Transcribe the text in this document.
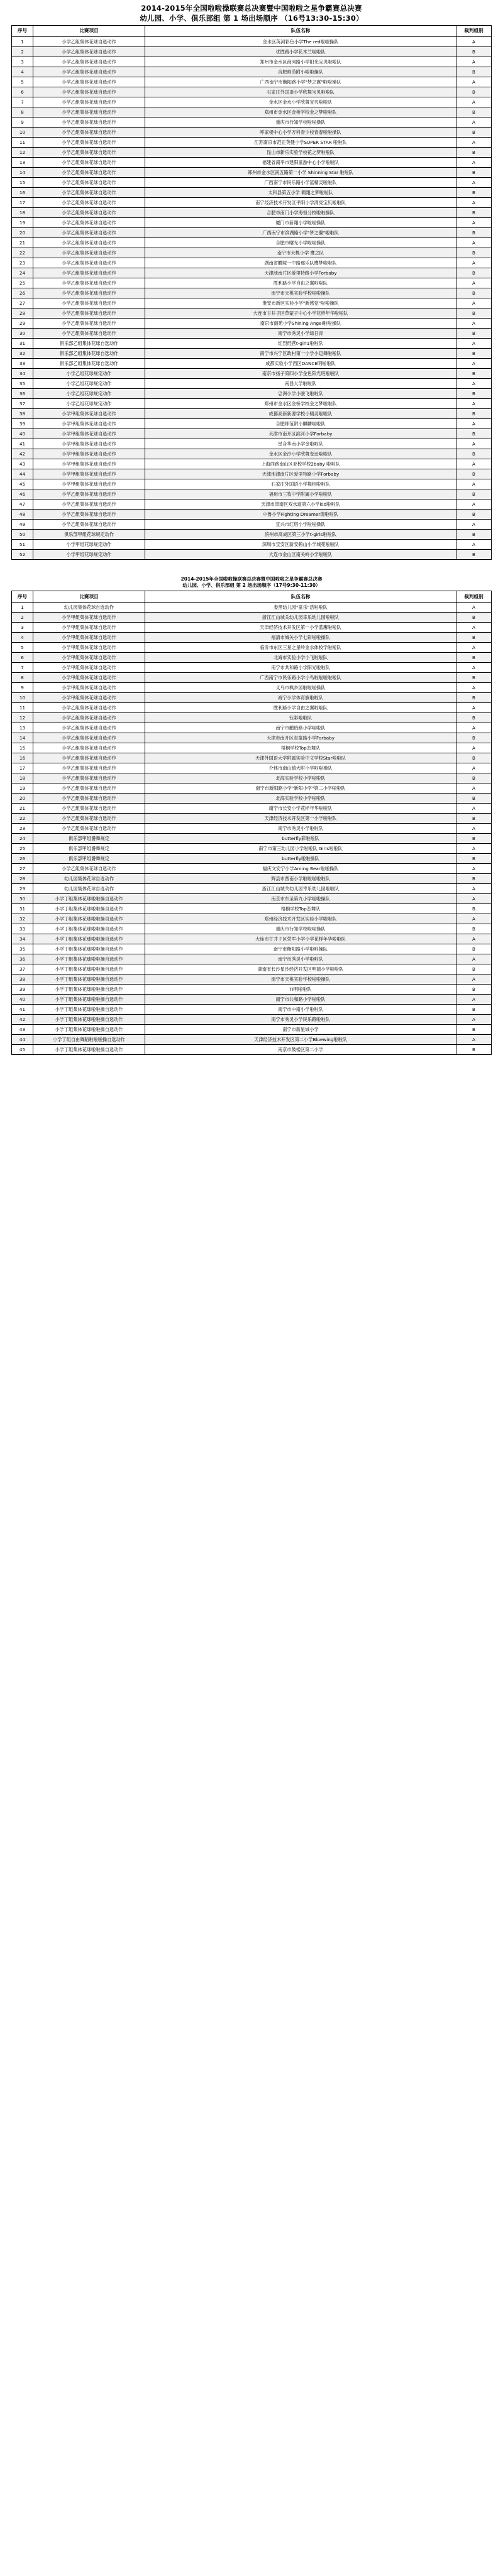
2014-2015年全国啦啦操联赛总决赛暨中国啦啦之星争霸赛总决赛
幼儿园、小学、俱乐部组 第 1 场出场顺序 （16号13:30-15:30）
序号	比赛项目	队伍名称	裁判组别
1	小学乙组集体花球自选动作	金水区英河彩色小学The red啦啦操队	A
2	小学乙组集体花球自选动作	优胜路小学花木兰啦啦队	B
3	小学乙组集体花球自选动作	郑州市金水区商河路小学阳光宝贝啦啦队	A
4	小学乙组集体花球自选动作	合肥师范附小啦啦操队	B
5	小学乙组集体花球自选动作	广西南宁市衡阳路小学"梦之翼"啦啦操队	A
6	小学乙组集体花球自选动作	石家庄外国语小学欣舞宝贝啦啦队	B
7	小学乙组集体花球自选动作	金水区金水小学欣舞宝贝啦啦队	A
8	小学乙组集体花球自选动作	郑州市金水区金桥学校金之梦啦啦队	B
9	小学乙组集体花球自选动作	重庆市行知学校啦啦操队	A
10	小学乙组集体花球自选动作	呼家楼中心小学万科青少校青春啦啦操队	B
11	小学乙组集体花球自选动作	江苏南京市范正英健小学SUPER STAR 啦啦队	A
12	小学乙组集体花球自选动作	昆山市新乐实验学校花之梦啦啦队	B
13	小学乙组集体花球自选动作	福建省南平市建阳童游中心小学啦啦队	A
14	小学乙组集体花球自选动作	郑州市金水区南五路第一小学 Shinning Star 啦啦队	B
15	小学乙组集体花球自选动作	广西南宁市民乐路小学蓝精灵啦啦队	A
16	小学乙组集体花球自选动作	太和县第五小学 翱翔之梦啦啦队	B
17	小学乙组集体花球自选动作	南宁经济技术开发区平阳小学清亮宝贝啦啦队	A
18	小学乙组集体花球自选动作	合肥市南门小学海恒分校啦啦操队	B
19	小学乙组集体花球自选动作	厦门市新翔小学啦啦操队	A
20	小学乙组集体花球自选动作	广西南宁市滨湖路小学"梦之翼"啦啦队	B
21	小学乙组集体花球自选动作	合肥市曙光小学啦啦操队	A
22	小学乙组集体花球自选动作	南宁市天桃小学 鹰之队	B
23	小学乙组集体花球自选动作	湖南省醴陵一中路那乐队鹰梦啦啦队	A
24	小学乙组集体花球自选动作	天津池南片区爱里特路小学Forbaby	B
25	小学乙组集体花球自选动作	胜利路小学自由之翼啦啦队	A
26	小学乙组集体花球自选动作	南宁市天桃实验学校啦啦操队	B
27	小学乙组集体花球自选动作	淮安市新区实验小学"新感觉"啦啦操队	A
28	小学乙组集体花球自选动作	大连市甘井子区草蒙子中心小学花样年华啦啦队	B
29	小学乙组集体花球自选动作	南京市南苑小学Shining Angel啦啦操队	A
30	小学乙组集体花球自选动作	南宁市秀灵小学绿日青	B
31	俱乐部乙组集体花球自选动作	红烈经营t-girl1啦啦队	A
32	俱乐部乙组集体花球自选动作	南宁市兴宁区政村第一小学小迈舞啦啦队	B
33	俱乐部乙组集体花球自选动作	成都实验小学西区DANCE明啦啦队	A
34	小学乙组花球规定动作	南京市扬子第四小学金色阳光班啦啦队	B
35	小学乙组花球规定动作	南昌大学啦啦队	A
36	小学乙组花球规定动作	忠洲小学小骏飞啦啦队	B
37	小学乙组花球规定动作	郑州市金水区金桥学校金之梦啦啦队	A
38	小学甲组集体花球自选动作	成都高新新源学校小精灵啦啦队	B
39	小学甲组集体花球自选动作	合肥师范附小麒麟啦啦队	A
40	小学甲组集体花球自选动作	天津市南开区滨河小学Forbaby	B
41	小学甲组集体花球自选动作	星合华南小学金啦啦队	A
42	小学甲组集体花球自选动作	金水区金沙小学欣舞变迁啦啦队	B
43	小学甲组集体花球自选动作	上海西路南山区亚校学校2baby 啦啦队	A
44	小学甲组集体花球自选动作	天津池津南片区爱里特路小学Forbaby	B
45	小学甲组集体花球自选动作	石家庄外国语小学舞相啦啦队	A
46	小学乙组集体花球自选动作	福州市三牧中学附属小学啦啦队	B
47	小学乙组集体花球自选动作	天津市津南区双水道第六小学kid啦啦队	A
48	小学乙组集体花球自选动作	中鲁小学Fighting Dreamer德啦啦队	B
49	小学乙组集体花球自选动作	宜兴市红塔小学啦啦操队	A
50	俱乐部甲组花球规定动作	滨州市高成区第三小学t-girls啦啦队	B
51	小学甲组花球规定动作	深圳市宝安区新安鹤山小学城苑啦啦队	A
52	小学甲组花球规定动作	大连市金山区南关岭小学啦啦队	B
2014-2015年全国啦啦操联赛总决赛暨中国啦啦之星争霸赛总决赛
幼儿园、小学、俱乐部组 第 2 场出场顺序（17号9:30-11:30）
序号	比赛项目	队伍名称	裁判组别
1	幼儿园集体花球自选动作	娄黑幼儿园"童乐"活啦啦队	A
2	小学甲组集体花球自选动作	浙江江山城关幼儿园幸乐幼儿园啦啦队	B
3	小学甲组集体花球自选动作	天津经济技术开发区第一小学蓝鹰啦啦队	A
4	小学甲组集体花球自选动作	福清市城关小学七彩啦啦操队	B
5	小学甲组集体花球自选动作	临沂市东区三星之星岭金水体校学啦啦队	A
6	小学甲组集体花球自选动作	北海市实验小学小飞啦啦队	B
7	小学甲组集体花球自选动作	南宁市共和路小学阳光啦啦队	A
8	小学甲组集体花球自选动作	广西南宁市民乐路小学小鸟啦啦啦啦啦队	B
9	小学甲组集体花球自选动作	义乌市枫乡园啦啦啦操队	A
10	小学甲组集体花球自选动作	海宁小学体育旗啦啦队	B
11	小学乙组集体花球自选动作	胜利路小学自由之翼啦啦队	A
12	小学乙组集体花球自选动作	钰彩啦啦队	B
13	小学乙组集体花球自选动作	南宁市鹏怡路小学啦啦队	A
14	小学乙组集体花球自选动作	天津市南开区育童路小学Forbaby	B
15	小学乙组集体花球自选动作	梧桐学校Top恋舞队	A
16	小学乙组集体花球自选动作	天津外国语大学附属实验中文学校Star啦啦队	B
17	小学乙组集体花球自选动作	介休市南山镇大附小学啦啦操队	A
18	小学乙组集体花球自选动作	北海实验学校小学啦啦队	B
19	小学乙组集体花球自选动作	南宁市新阳路小学"新阳小学"第二小学啦啦队	A
20	小学乙组集体花球自选动作	北海实验学校小学啦啦队	B
21	小学乙组集体花球自选动作	南宁市长安小学花样年华啦啦队	A
22	小学乙组集体花球自选动作	天津经济技术开发区第一小学啦啦队	B
23	小学乙组集体花球自选动作	南宁市秀灵小学啦啦队	A
24	俱乐部甲组爵舞规定	butterfly彩啦啦队	B
25	俱乐部甲组爵舞规定	南宁市第三幼儿园小学啦啦队 Girls啦啦队	A
26	俱乐部甲组爵舞规定	butterfly啦啦操队	B
27	小学乙组集体花球自选动作	福庆文安宁小学Aming Bear啦啦操队	A
28	幼儿园集体花球自选动作	辉县市西南小学啦啦啦啦啦队	B
29	幼儿园集体花球自选动作	浙江江山城关幼儿园幸乐幼儿园啦啦队	A
30	小学丁组集体花球啦啦操自选动作	南京市东圣第九小学啦啦操队	A
31	小学丁组集体花球啦啦操自选动作	梧桐学校Top恋舞队	B
32	小学丁组集体花球啦啦操自选动作	郑州经济技术开发区实验小学啦啦队	A
33	小学丁组集体花球啦啦操自选动作	重庆市行知学校啦啦操队	B
34	小学丁组集体花球啦啦操自选动作	大连市甘井子区荣军小学小学花样年华啦啦队	A
35	小学丁组集体花球啦啦操自选动作	南宁市衡阳路小学啦啦操队	B
36	小学丁组集体花球啦啦操自选动作	南宁市秀灵小学啦啦队	A
37	小学丁组集体花球啦啦操自选动作	湖南省长沙星沙经济开发区明德小学啦啦队	B
38	小学丁组集体花球啦啦操自选动作	南宁市天桃实验学校啦啦操队	A
39	小学丁组集体花球啦啦操自选动作	TI明啦啦队	B
40	小学丁组集体花球啦啦操自选动作	南宁市共和路小学啦啦队	A
41	小学丁组集体花球啦啦操自选动作	南宁市中南小学啦啦队	B
42	小学丁组集体花球啦啦操自选动作	南宁市秀灵小学民乐路啦啦队	A
43	小学丁组集体花球啦啦操自选动作	南宁市新星城小学	B
44	小学丁组自由舞蹈啦啦啦操自选动作	天津经济技术开发区第二小学Bluewing啦啦队	A
45	小学丁组集体花球啦啦操自选动作	南京市鼓楼区第二小学	B
